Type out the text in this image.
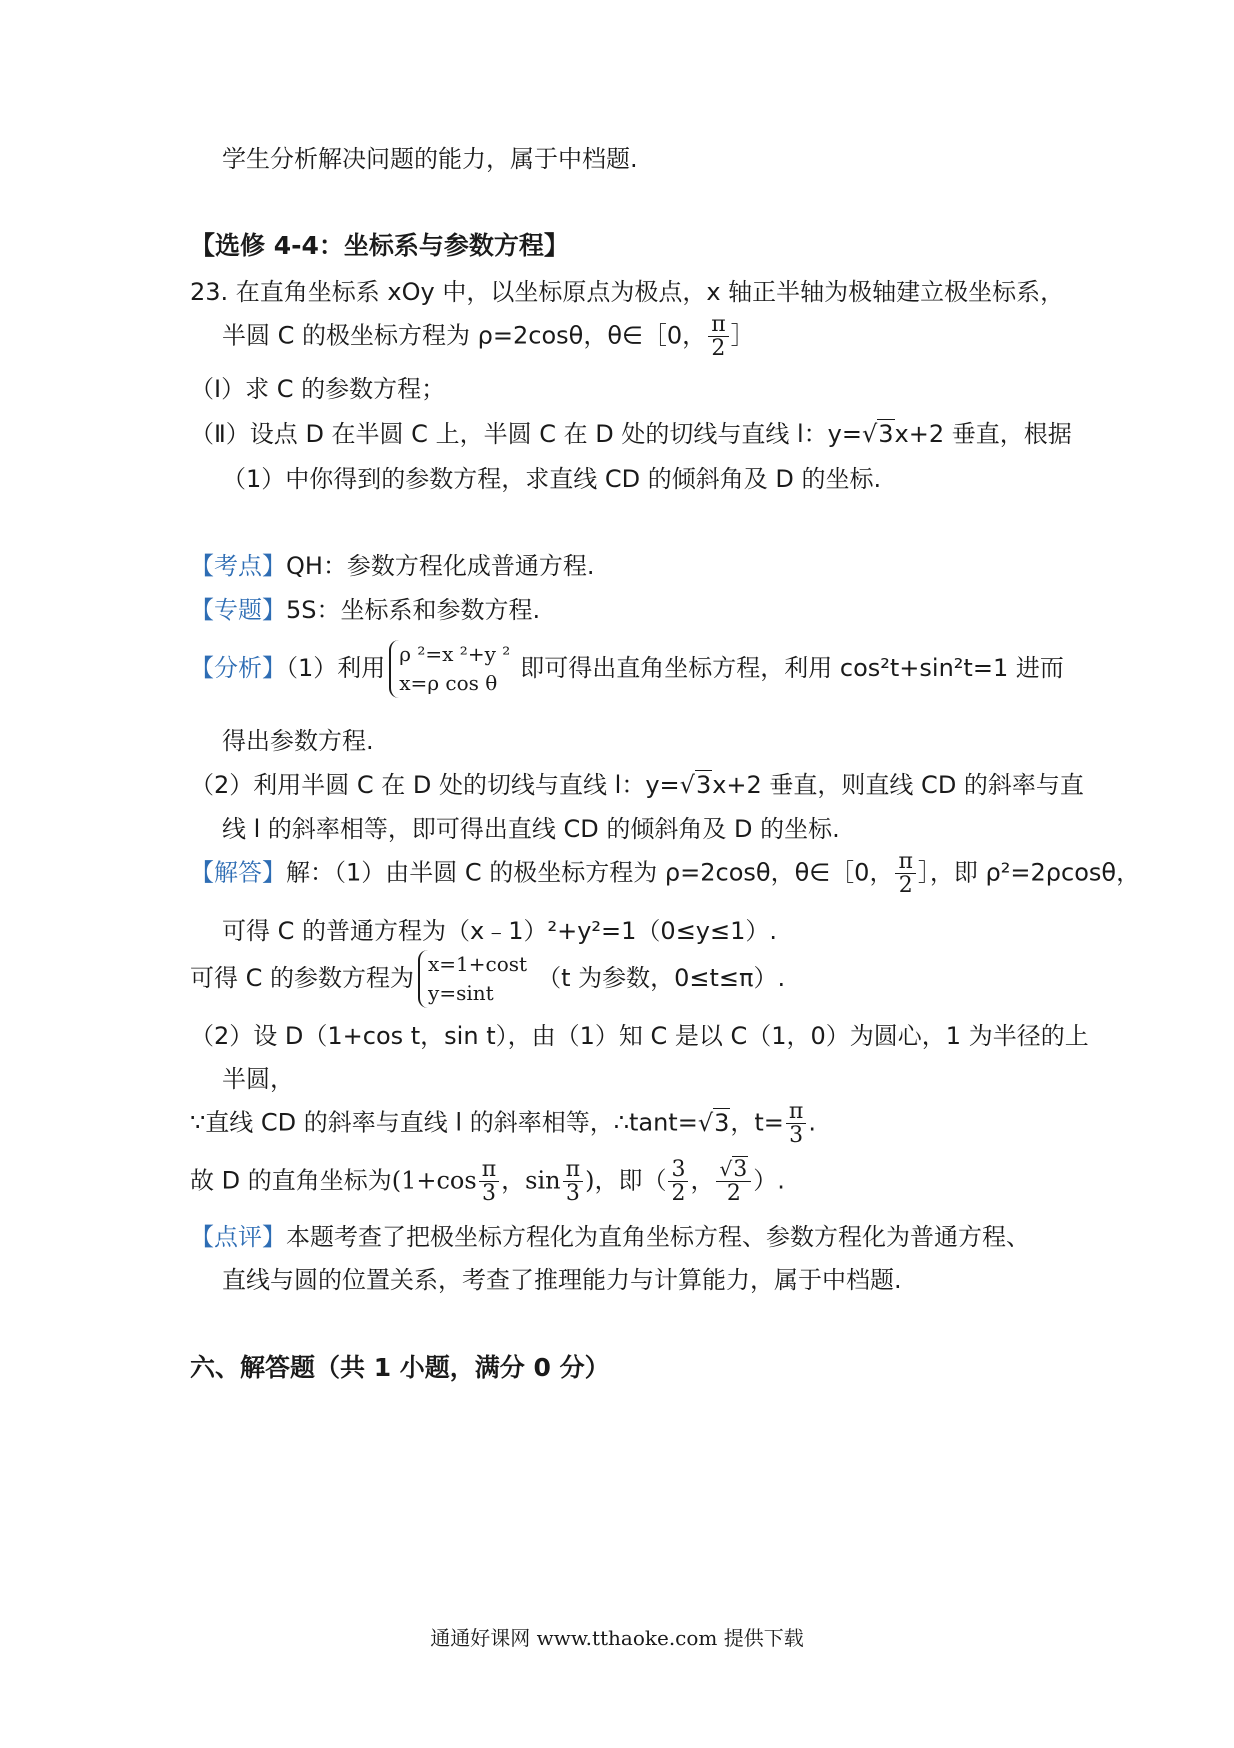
学生分析解决问题的能力，属于中档题.
【选修 4-4：坐标系与参数方程】
23. 在直角坐标系 xOy 中，以坐标原点为极点，x 轴正半轴为极轴建立极坐标系，
半圆 C 的极坐标方程为 ρ=2cosθ，θ∈［0， $\frac{\pi}{2}$ ］
（Ⅰ）求 C 的参数方程；
（Ⅱ）设点 D 在半圆 C 上，半圆 C 在 D 处的切线与直线 l：y=√3x+2 垂直，根据
（1）中你得到的参数方程，求直线 CD 的倾斜角及 D 的坐标.
【考点】QH：参数方程化成普通方程.
【专题】5S：坐标系和参数方程.
【分析】（1）利用 ρ ²=x ²+y ²
x=ρ cos θ
即可得出直角坐标方程，利用 cos²t+sin²t=1 进而
得出参数方程.
（2）利用半圆 C 在 D 处的切线与直线 l：y=√3x+2 垂直，则直线 CD 的斜率与直
线 l 的斜率相等，即可得出直线 CD 的倾斜角及 D 的坐标.
【解答】解：（1）由半圆 C 的极坐标方程为 ρ=2cosθ，θ∈［0， $\frac{\pi}{2}$ ］，即 ρ²=2ρcosθ，
可得 C 的普通方程为（x﹣1）²+y²=1（0≤y≤1）.
可得 C 的参数方程为 x=1+cost
y=sint
（t 为参数，0≤t≤π）.
（2）设 D（1+cos t，sin t），由（1）知 C 是以 C（1，0）为圆心，1 为半径的上
半圆，
∵直线 CD 的斜率与直线 l 的斜率相等，∴tant=√3，$t= \frac{\pi}{3}$ .
故 D 的直角坐标为($1+\cos \frac{\pi}{3}$ ，$\sin \frac{\pi}{3}$ )，即（ $\frac{3}{2}$ ， $\frac{√3}{2}$ ）.
【点评】本题考查了把极坐标方程化为直角坐标方程、参数方程化为普通方程、
直线与圆的位置关系，考查了推理能力与计算能力，属于中档题.
六、解答题（共 1 小题，满分 0 分）
通通好课网 www.tthaoke.com 提供下载
